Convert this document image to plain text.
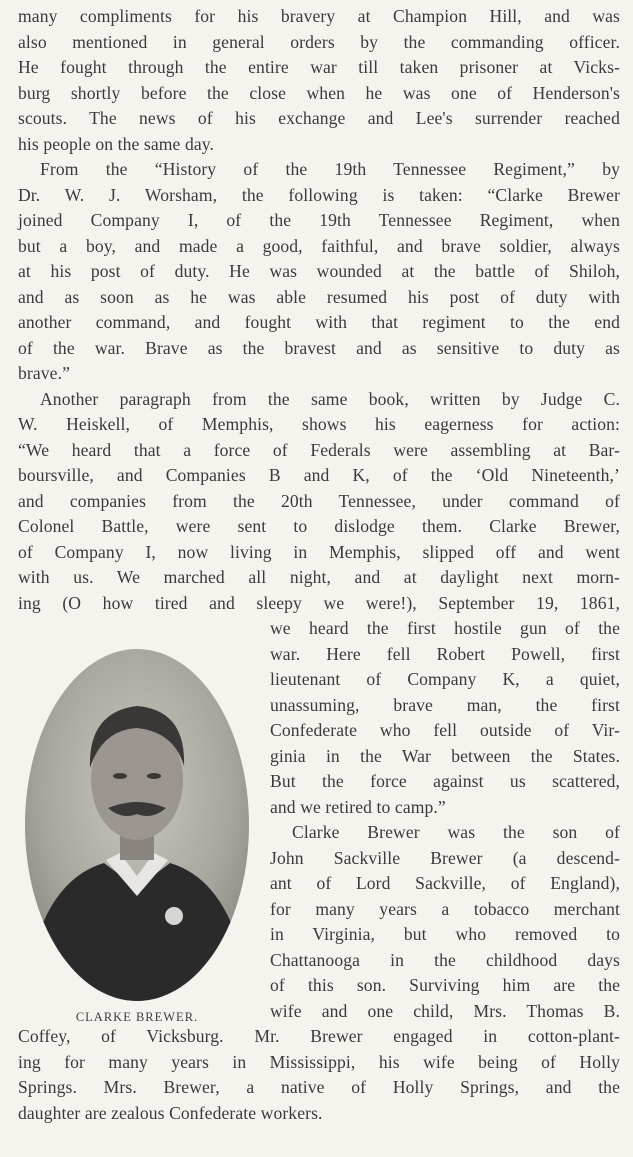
many compliments for his bravery at Champion Hill, and was
also mentioned in general orders by the commanding officer.
He fought through the entire war till taken prisoner at Vicks-
burg shortly before the close when he was one of Henderson's
scouts. The news of his exchange and Lee's surrender reached
his people on the same day.
From the “History of the 19th Tennessee Regiment,” by
Dr. W. J. Worsham, the following is taken: “Clarke Brewer
joined Company I, of the 19th Tennessee Regiment, when
but a boy, and made a good, faithful, and brave soldier, always
at his post of duty. He was wounded at the battle of Shiloh,
and as soon as he was able resumed his post of duty with
another command, and fought with that regiment to the end
of the war. Brave as the bravest and as sensitive to duty as
brave.”
Another paragraph from the same book, written by Judge C.
W. Heiskell, of Memphis, shows his eagerness for action:
“We heard that a force of Federals were assembling at Bar-
boursville, and Companies B and K, of the ‘Old Nineteenth,’
and companies from the 20th Tennessee, under command of
Colonel Battle, were sent to dislodge them. Clarke Brewer,
of Company I, now living in Memphis, slipped off and went
with us. We marched all night, and at daylight next morn-
ing (O how tired and sleepy we were!), September 19, 1861,
we heard the first hostile gun of the
war. Here fell Robert Powell, first
lieutenant of Company K, a quiet,
unassuming, brave man, the first
Confederate who fell outside of Vir-
ginia in the War between the States.
But the force against us scattered,
and we retired to camp.”
Clarke Brewer was the son of
John Sackville Brewer (a descend-
ant of Lord Sackville, of England),
for many years a tobacco merchant
in Virginia, but who removed to
Chattanooga in the childhood days
of this son. Surviving him are the
wife and one child, Mrs. Thomas B.
Coffey, of Vicksburg. Mr. Brewer engaged in cotton-plant-
ing for many years in Mississippi, his wife being of Holly
Springs. Mrs. Brewer, a native of Holly Springs, and the
daughter are zealous Confederate workers.
CLARKE BREWER.
